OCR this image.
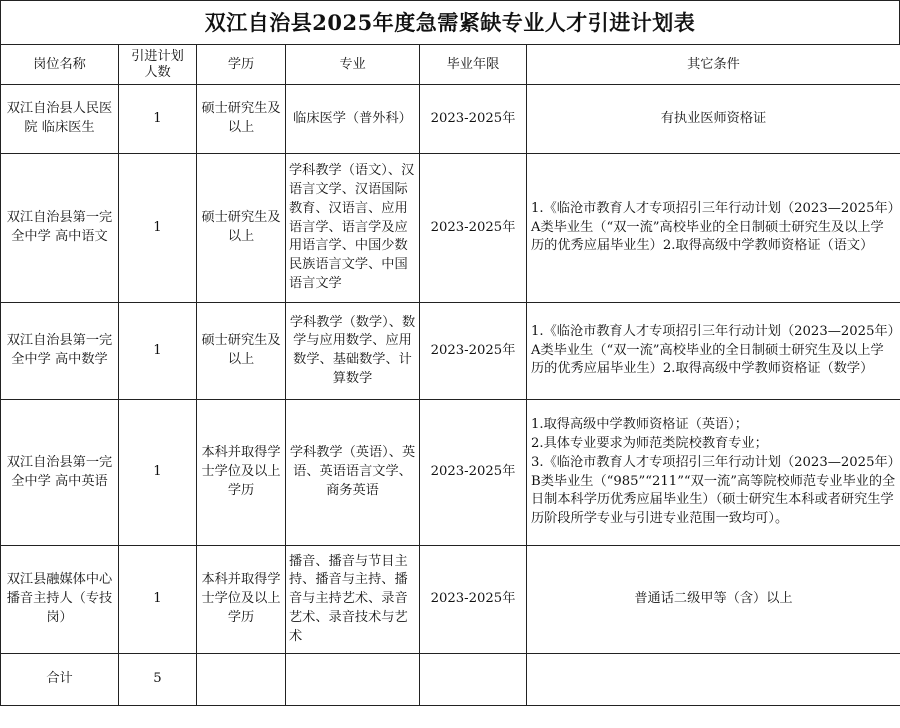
双江自治县2025年度急需紧缺专业人才引进计划表
岗位名称	引进计划人数	学历	专业	毕业年限	其它条件
双江自治县人民医院 临床医生	1	硕士研究生及以上	临床医学（普外科）	2023-2025年	有执业医师资格证
双江自治县第一完全中学 高中语文	1	硕士研究生及以上	学科教学（语文）、汉语言文学、汉语国际教育、汉语言、应用语言学、语言学及应用语言学、中国少数民族语言文学、中国语言文学	2023-2025年	1.《临沧市教育人才专项招引三年行动计划（2023—2025年）A类毕业生（“双一流”高校毕业的全日制硕士研究生及以上学历的优秀应届毕业生）2.取得高级中学教师资格证（语文）
双江自治县第一完全中学 高中数学	1	硕士研究生及以上	学科教学（数学）、数学与应用数学、应用数学、基础数学、计算数学	2023-2025年	1.《临沧市教育人才专项招引三年行动计划（2023—2025年）A类毕业生（“双一流”高校毕业的全日制硕士研究生及以上学历的优秀应届毕业生）2.取得高级中学教师资格证（数学）
双江自治县第一完全中学 高中英语	1	本科并取得学士学位及以上学历	学科教学（英语）、英语、英语语言文学、商务英语	2023-2025年	1.取得高级中学教师资格证（英语）；
2.具体专业要求为师范类院校教育专业；
3.《临沧市教育人才专项招引三年行动计划（2023—2025年）B类毕业生（“985”“211”“双一流”高等院校师范专业毕业的全日制本科学历优秀应届毕业生）（硕士研究生本科或者研究生学历阶段所学专业与引进专业范围一致均可）。
双江县融媒体中心 播音主持人（专技岗）	1	本科并取得学士学位及以上学历	播音、播音与节目主持、播音与主持、播音与主持艺术、录音艺术、录音技术与艺术	2023-2025年	普通话二级甲等（含）以上
合计	5				
